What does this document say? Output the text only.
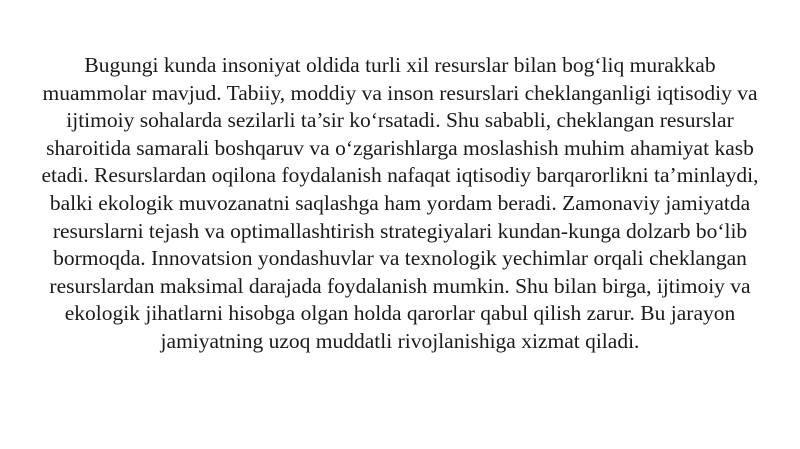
Bugungi kunda insoniyat oldida turli xil resurslar bilan bog‘liq murakkab
muammolar mavjud. Tabiiy, moddiy va inson resurslari cheklanganligi iqtisodiy va
ijtimoiy sohalarda sezilarli ta’sir ko‘rsatadi. Shu sababli, cheklangan resurslar
sharoitida samarali boshqaruv va o‘zgarishlarga moslashish muhim ahamiyat kasb
etadi. Resurslardan oqilona foydalanish nafaqat iqtisodiy barqarorlikni ta’minlaydi,
balki ekologik muvozanatni saqlashga ham yordam beradi. Zamonaviy jamiyatda
resurslarni tejash va optimallashtirish strategiyalari kundan-kunga dolzarb bo‘lib
bormoqda. Innovatsion yondashuvlar va texnologik yechimlar orqali cheklangan
resurslardan maksimal darajada foydalanish mumkin. Shu bilan birga, ijtimoiy va
ekologik jihatlarni hisobga olgan holda qarorlar qabul qilish zarur. Bu jarayon
jamiyatning uzoq muddatli rivojlanishiga xizmat qiladi.
